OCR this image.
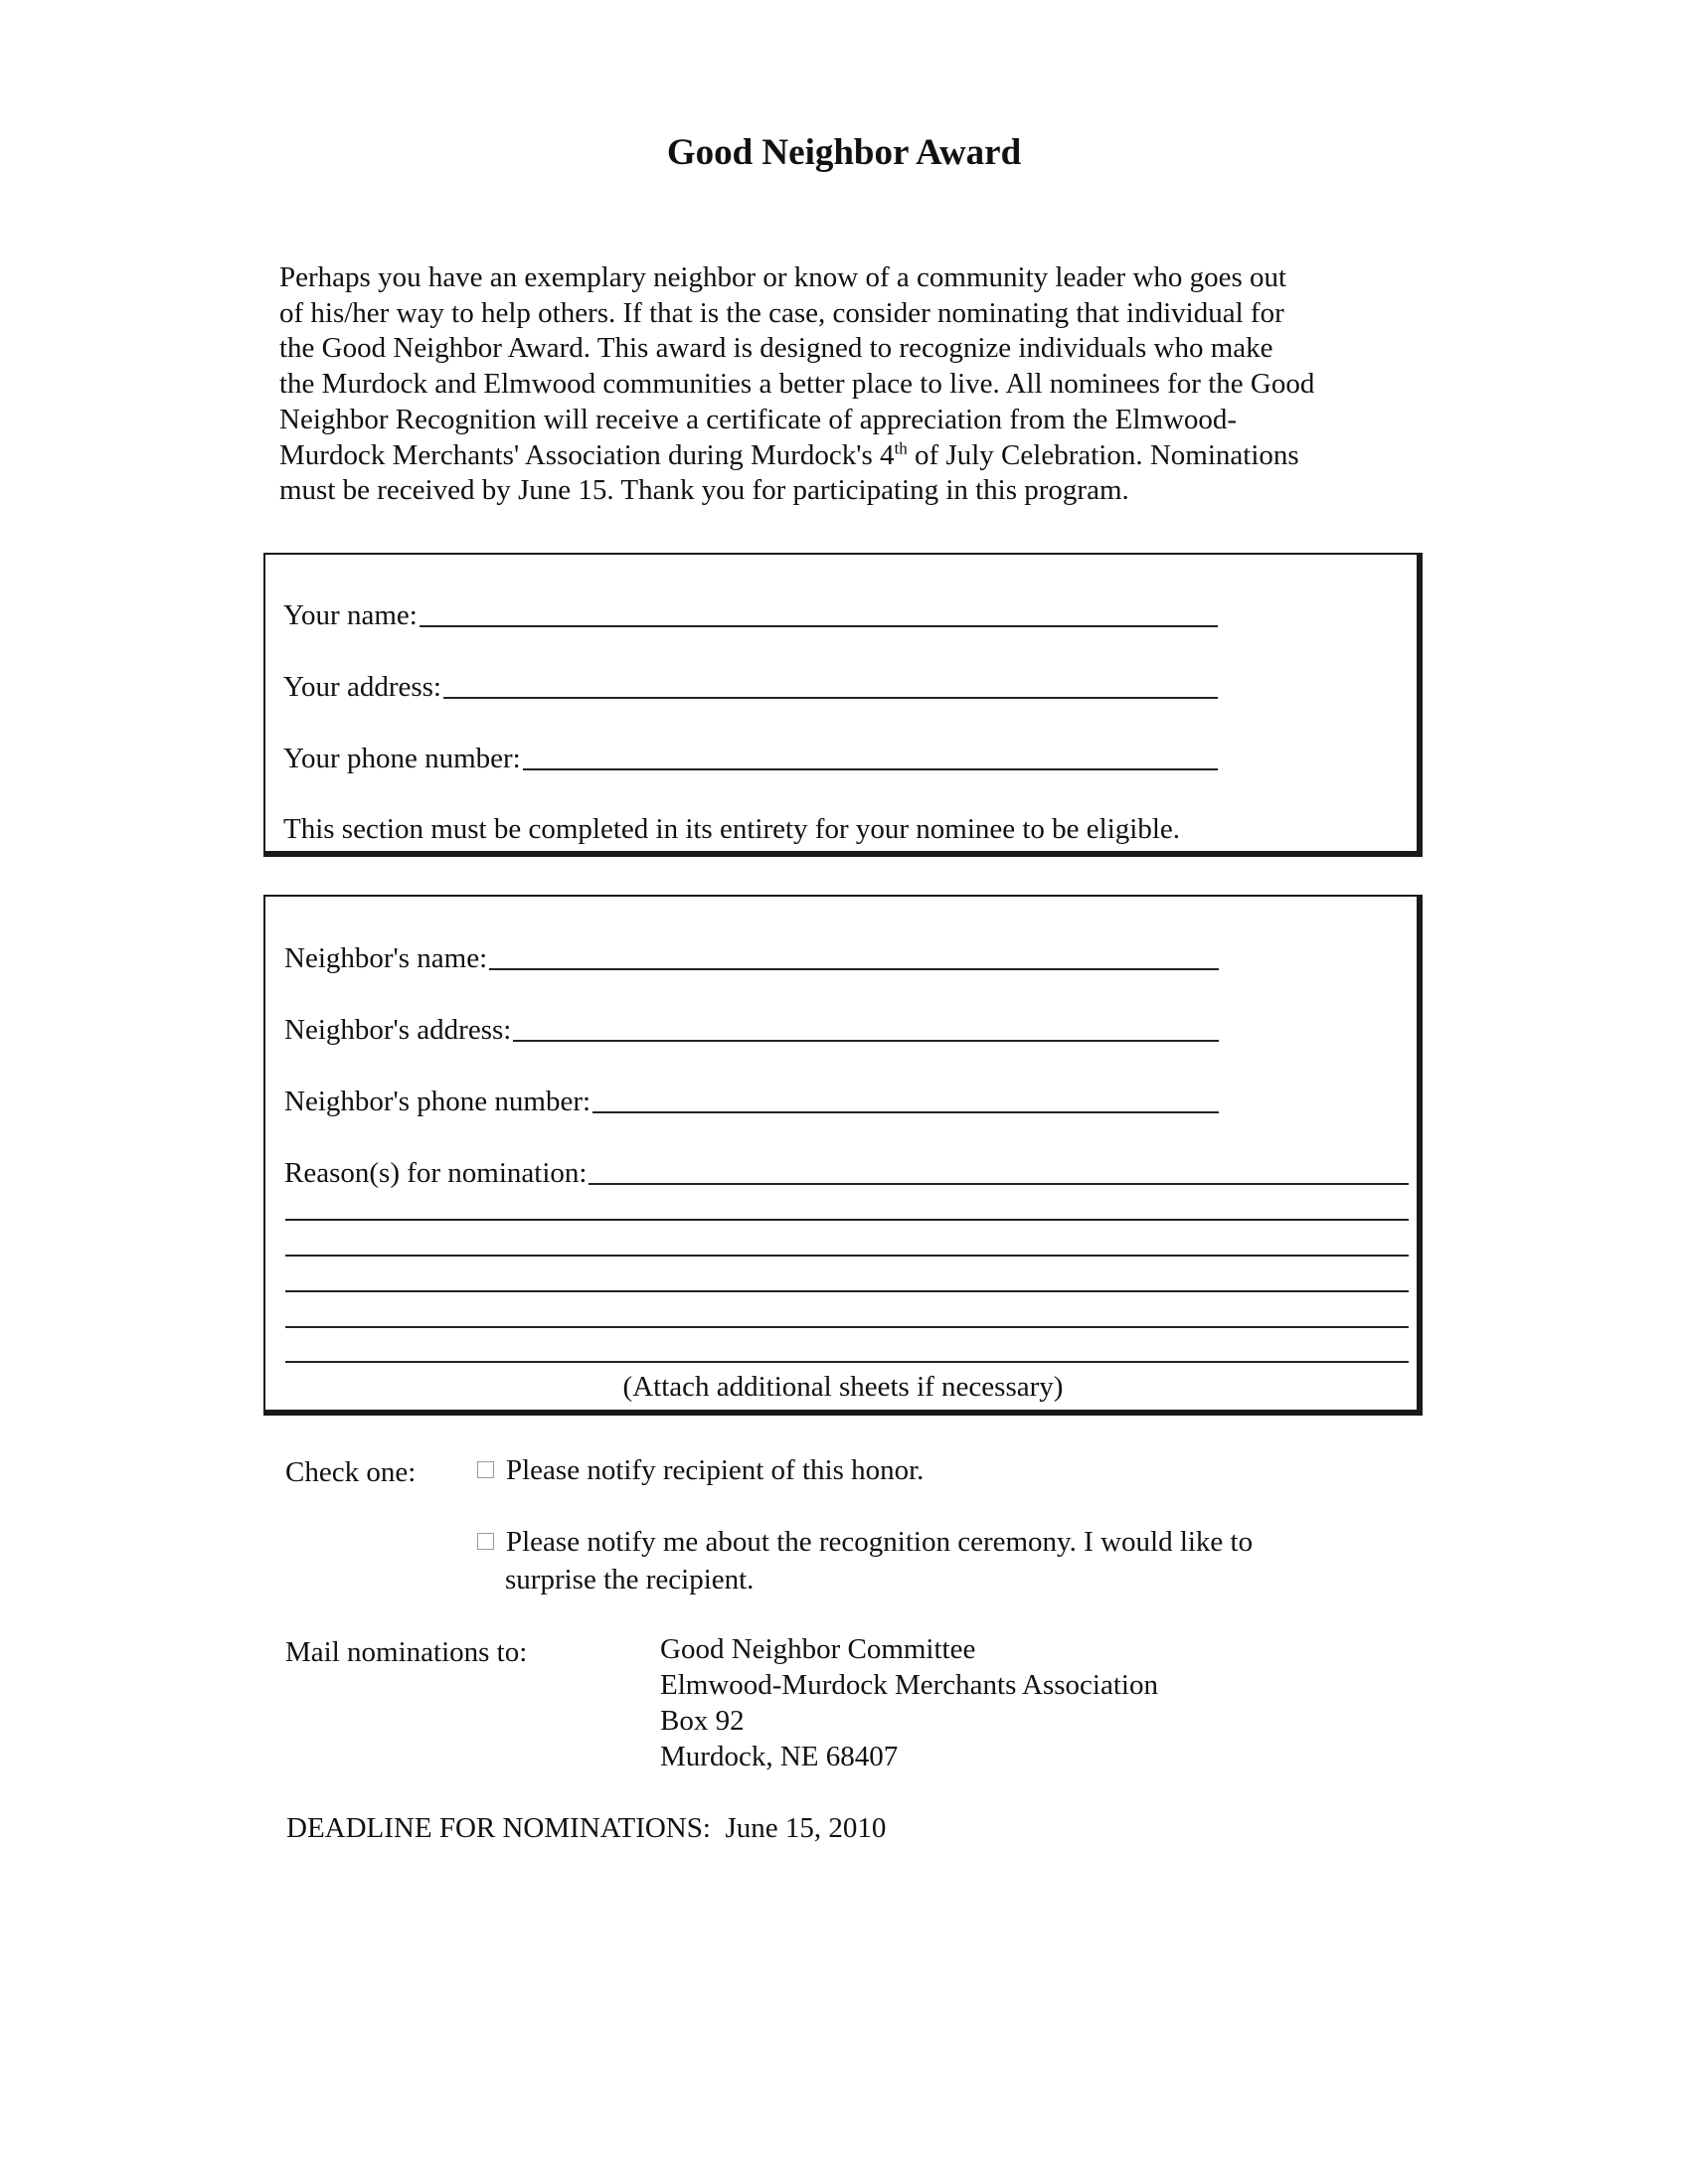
Good Neighbor Award
Perhaps you have an exemplary neighbor or know of a community leader who goes out
of his/her way to help others. If that is the case, consider nominating that individual for
the Good Neighbor Award. This award is designed to recognize individuals who make
the Murdock and Elmwood communities a better place to live. All nominees for the Good
Neighbor Recognition will receive a certificate of appreciation from the Elmwood-
Murdock Merchants' Association during Murdock's 4th of July Celebration. Nominations
must be received by June 15. Thank you for participating in this program.
Your name:
Your address:
Your phone number:
This section must be completed in its entirety for your nominee to be eligible.
Neighbor's name:
Neighbor's address:
Neighbor's phone number:
Reason(s) for nomination:
(Attach additional sheets if necessary)
Check one:	Please notify recipient of this honor.
Please notify me about the recognition ceremony. I would like to
surprise the recipient.
Mail nominations to:	Good Neighbor Committee
Elmwood-Murdock Merchants Association
Box 92
Murdock, NE 68407
DEADLINE FOR NOMINATIONS: June 15, 2010
